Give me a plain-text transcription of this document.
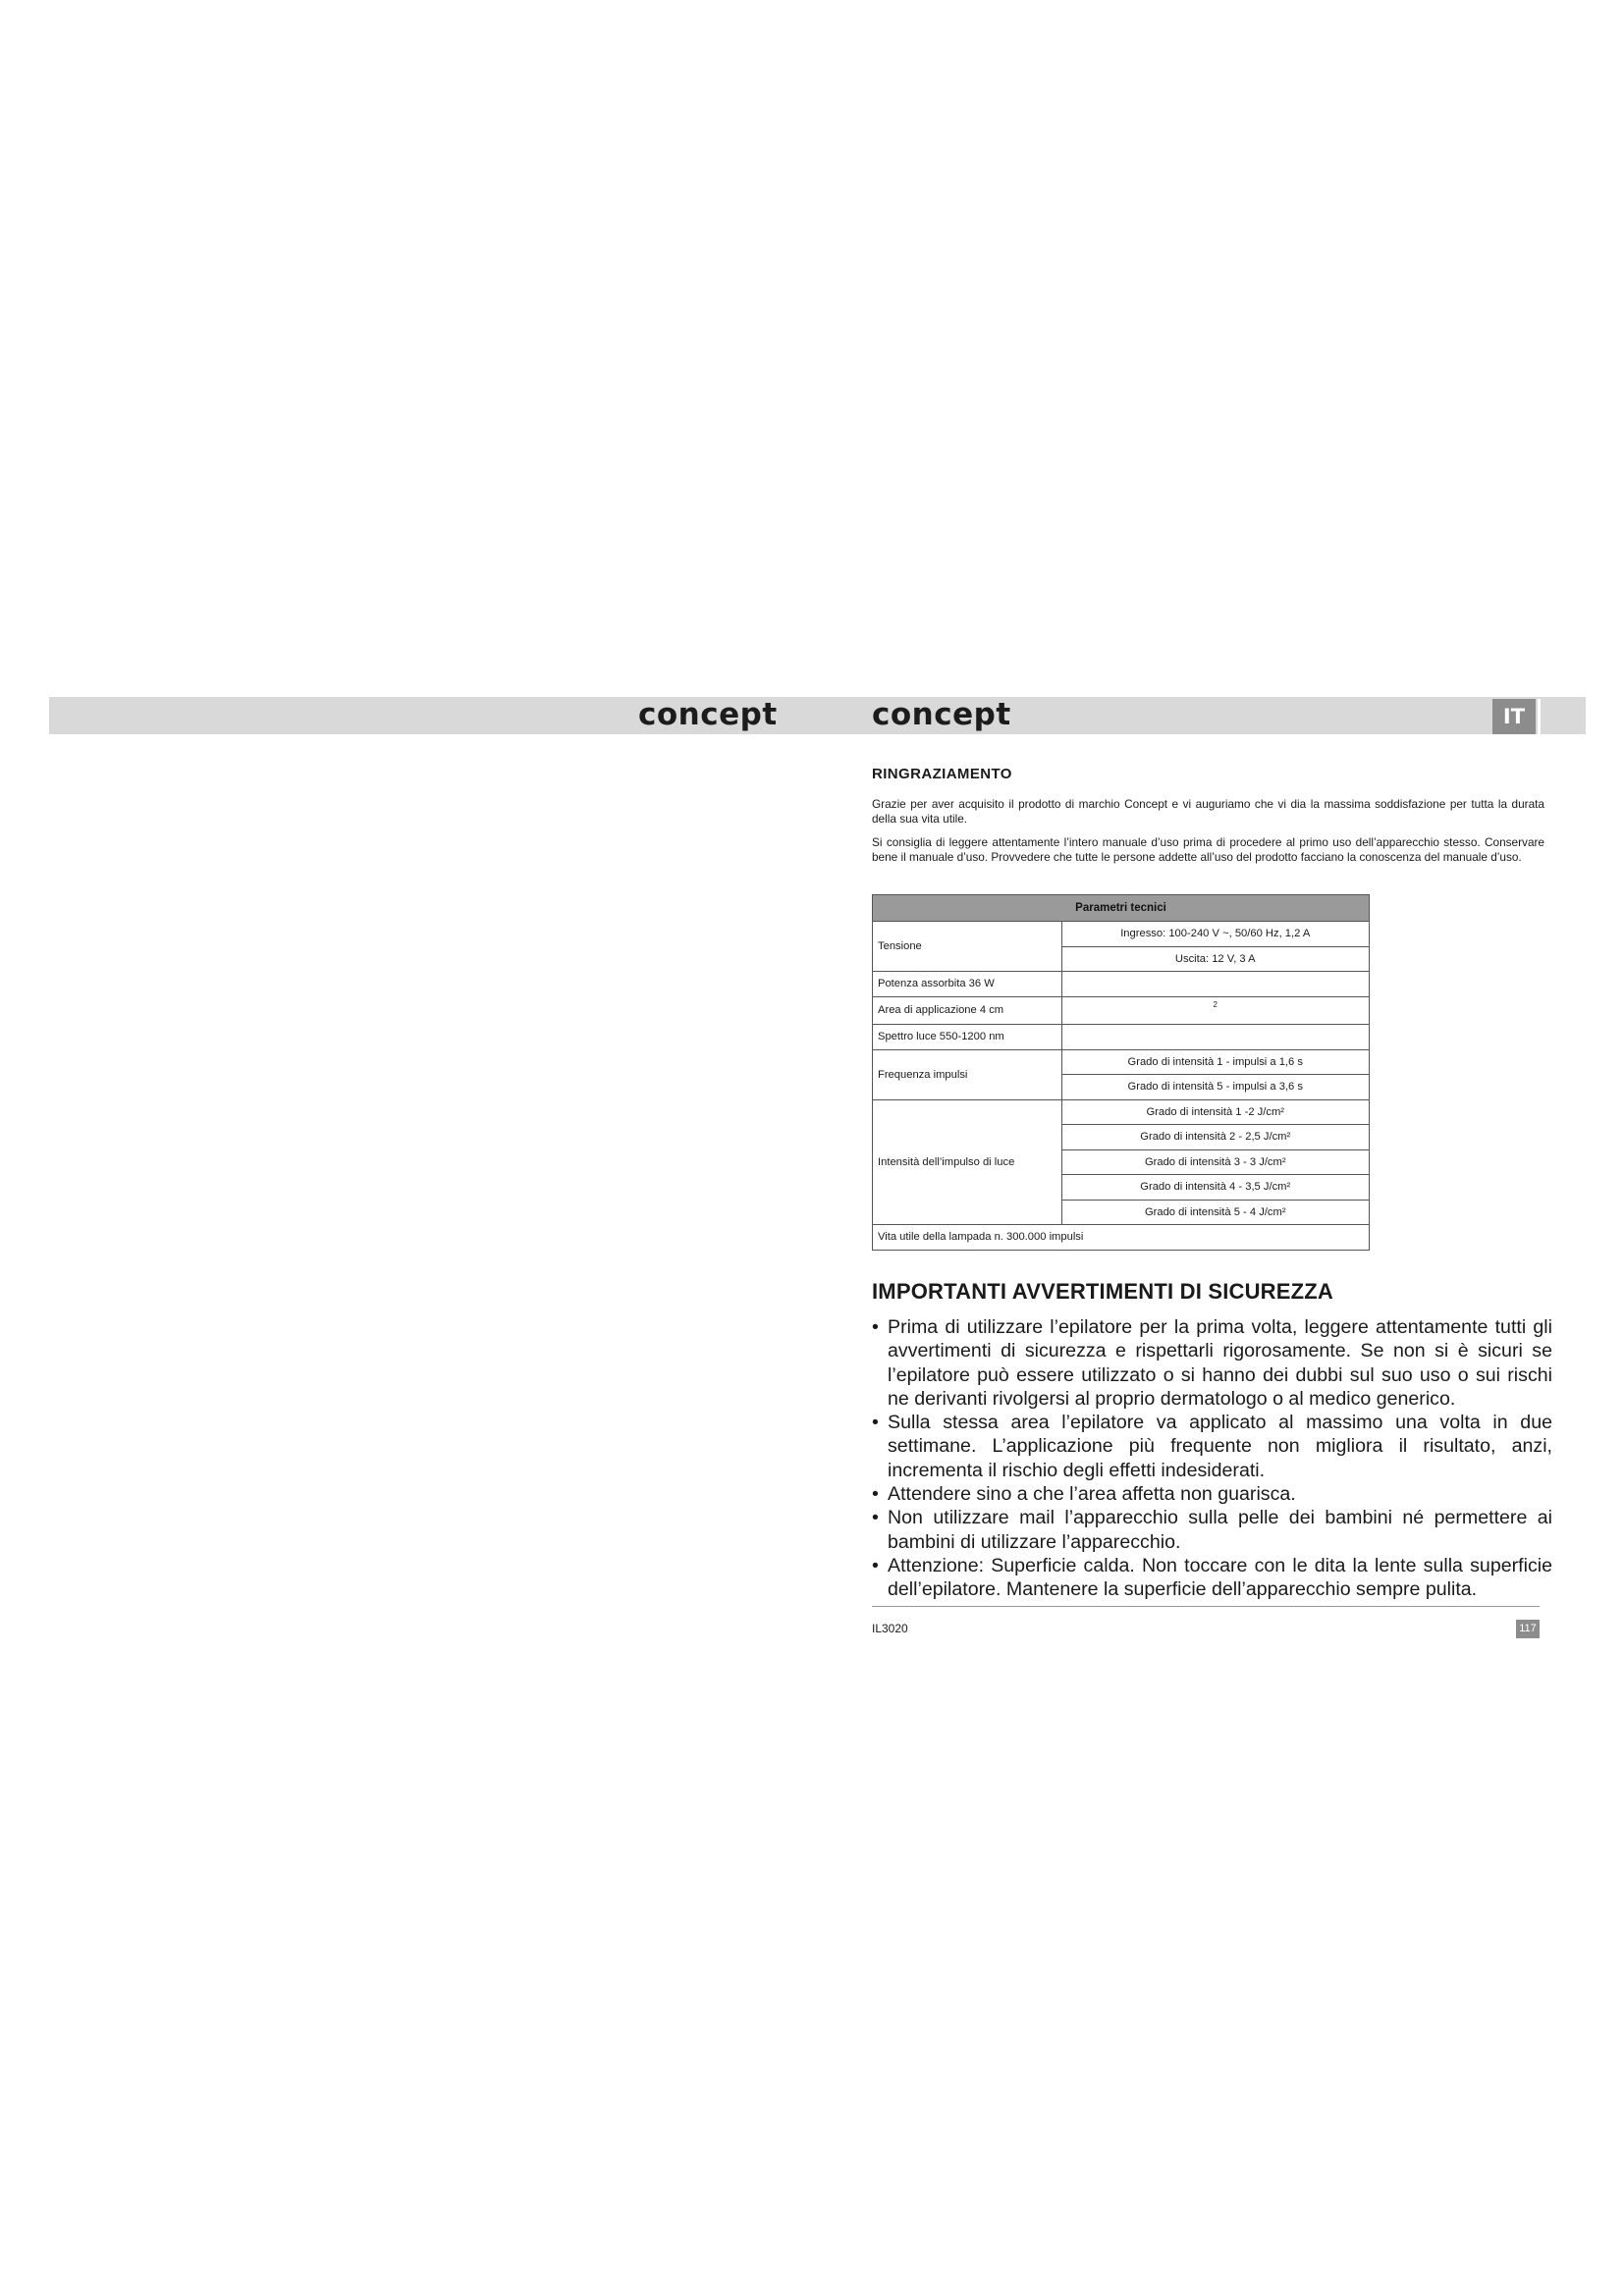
concept	concept	IT
RINGRAZIAMENTO

Grazie per aver acquisito il prodotto di marchio Concept e vi auguriamo che vi dia la massima soddisfazione per tutta la durata della sua vita utile.

Si consiglia di leggere attentamente l’intero manuale d’uso prima di procedere al primo uso dell’apparecchio stesso. Conservare bene il manuale d’uso. Provvedere che tutte le persone addette all’uso del prodotto facciano la conoscenza del manuale d’uso.

Parametri tecnici	
Tensione	Ingresso: 100-240 V ~, 50/60 Hz, 1,2 A
	Uscita: 12 V, 3 A
Potenza assorbita 36 W	
Area di applicazione 4 cm	2
Spettro luce 550-1200 nm	
Frequenza impulsi	Grado di intensità 1 - impulsi a 1,6 s
	Grado di intensità 5 - impulsi a 3,6 s
Intensità dell’impulso di luce	Grado di intensità 1 -2 J/cm²
	Grado di intensità 2 - 2,5 J/cm²
	Grado di intensità 3 - 3 J/cm²
	Grado di intensità 4 - 3,5 J/cm²
	Grado di intensità 5 - 4 J/cm²
Vita utile della lampada n. 300.000 impulsi	
IMPORTANTI AVVERTIMENTI DI SICUREZZA
• Prima di utilizzare l’epilatore per la prima volta, leggere attentamente tutti gli avvertimenti di sicurezza e rispettarli rigorosamente. Se non si è sicuri se l’epilatore può essere utilizzato o si hanno dei dubbi sul suo uso o sui rischi ne derivanti rivolgersi al proprio dermatologo o al medico generico.
• Sulla stessa area l’epilatore va applicato al massimo una volta in due settimane. L’applicazione più frequente non migliora il risultato, anzi, incrementa il rischio degli effetti indesiderati.
• Attendere sino a che l’area affetta non guarisca.
• Non utilizzare mail l’apparecchio sulla pelle dei bambini né permettere ai bambini di utilizzare l’apparecchio.
• Attenzione: Superficie calda. Non toccare con le dita la lente sulla superficie dell’epilatore. Mantenere la superficie dell’apparecchio sempre pulita.
IL3020	117
